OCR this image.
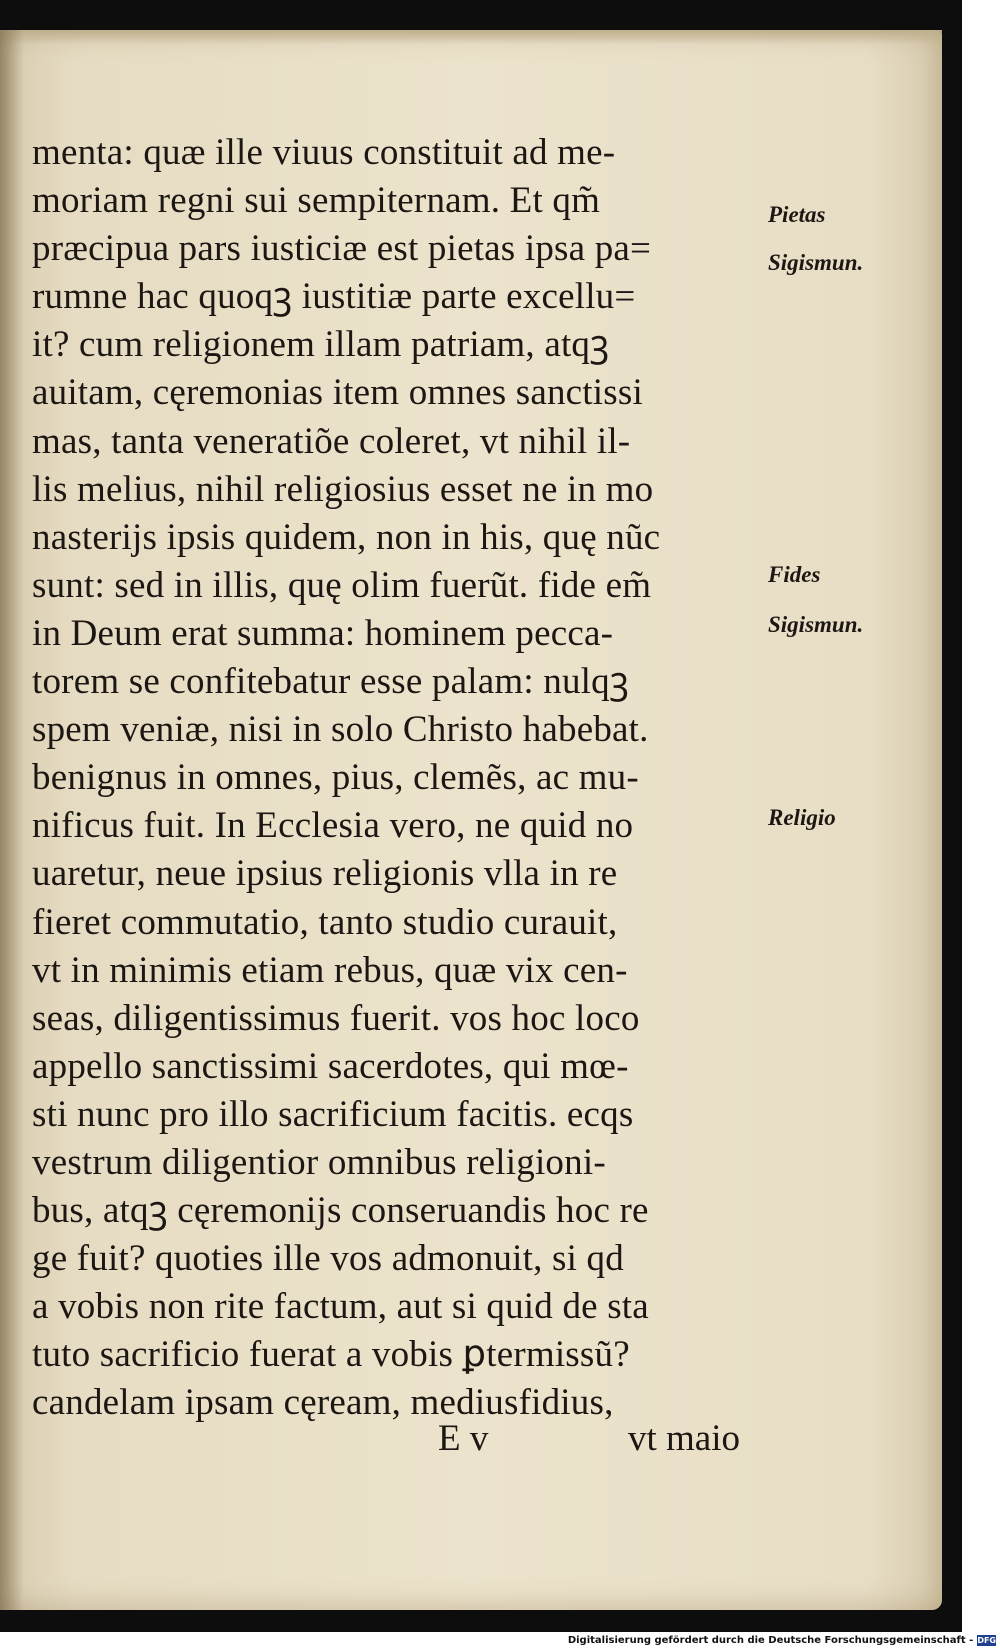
menta: quæ ille viuus constituit ad me-
moriam regni sui sempiternam. Et qm̃
præcipua pars iusticiæ est pietas ipsa pa=
rumne hac quoqꝫ iustitiæ parte excellu=
it? cum religionem illam patriam, atqꝫ
auitam, cęremonias item omnes sanctissi
mas, tanta veneratiõe coleret, vt nihil il-
lis melius, nihil religiosius esset ne in mo
nasterijs ipsis quidem, non in his, quę nũc
sunt: sed in illis, quę olim fuerũt. fide em̃
in Deum erat summa: hominem pecca-
torem se confitebatur esse palam: nulqꝫ
spem veniæ, nisi in solo Christo habebat.
benignus in omnes, pius, clemẽs, ac mu-
nificus fuit. In Ecclesia vero, ne quid no
uaretur, neue ipsius religionis vlla in re
fieret commutatio, tanto studio curauit,
vt in minimis etiam rebus, quæ vix cen-
seas, diligentissimus fuerit. vos hoc loco
appello sanctissimi sacerdotes, qui mœ-
sti nunc pro illo sacrificium facitis. ecqs
vestrum diligentior omnibus religioni-
bus, atqꝫ cęremonijs conseruandis hoc re
ge fuit? quoties ille vos admonuit, si qd
a vobis non rite factum, aut si quid de sta
tuto sacrificio fuerat a vobis ꝑtermissũ?
candelam ipsam cęream, mediusfidius,
Pietas
Sigismun.
Fides
Sigismun.
Religio
E v	vt maio
Digitalisierung gefördert durch die Deutsche Forschungsgemeinschaft - DFG
